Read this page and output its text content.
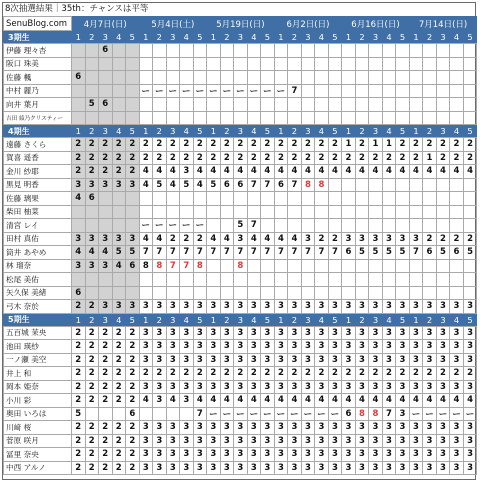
8次抽選結果｜35th：チャンスは平等
SenuBlog.com	4月7日(日)					5月4日(土)					5月19日(日)					6月2日(日)					6月16日(日)					7月14日(日)				
3期生	1	2	3	4	5	1	2	3	4	5	1	2	3	4	5	1	2	3	4	5	1	2	3	4	5	1	2	3	4	5
伊藤 理々杏			6																											
阪口 珠美																														
佐藤 楓	6																													
中村 麗乃						ー	ー	ー	ー	ー	ー	ー	ー	ー	ー	ー	7													
向井 葉月		5	6																											
吉田 綾乃クリスティー																														
4期生	1	2	3	4	5	1	2	3	4	5	1	2	3	4	5	1	2	3	4	5	1	2	3	4	5	1	2	3	4	5
遠藤 さくら	2	2	2	2	2	2	2	2	2	2	2	2	2	2	2	2	2	2	2	2	1	2	1	1	2	2	2	2	2	2
賀喜 遥香	2	2	2	2	2	2	2	2	2	2	2	2	2	2	2	2	2	2	2	2	2	2	2	2	2	2	1	2	2	2
金川 紗耶	2	2	2	2	2	4	4	4	3	4	4	4	4	4	4	4	4	4	4	4	4	4	4	4	4	4	4	4	4	4
黒見 明香	3	3	3	3	3	4	5	4	5	4	5	6	6	7	7	6	7	8	8											
佐藤 璃果	4	6																												
柴田 柚菜																														
清宮 レイ						ー	ー	ー	ー	ー			5	7																
田村 真佑	3	3	3	3	3	4	4	2	2	2	4	4	3	4	4	4	4	3	2	2	3	3	3	3	3	3	2	2	2	2
筒井 あやめ	4	4	4	5	5	7	7	7	7	7	7	7	7	7	7	7	7	7	7	7	6	5	5	5	5	7	6	5	6	5
林 瑠奈	3	3	3	4	6	8	8	7	7	8			8																	
松尾 美佑																														
矢久保 美緒	6																													
弓木 奈於	2	2	3	3	3	3	3	3	3	3	3	3	3	3	3	3	3	3	3	3	3	3	3	3	3	3	3	3	3	3
5期生	1	2	3	4	5	1	2	3	4	5	1	2	3	4	5	1	2	3	4	5	1	2	3	4	5	1	2	3	4	5
五百城 茉央	2	2	2	2	2	3	3	3	3	3	3	3	3	3	3	3	3	3	3	3	3	3	3	3	3	3	3	3	3	3
池田 瑛紗	2	2	2	2	2	3	3	3	3	3	3	3	3	3	3	3	3	3	3	3	3	3	3	3	3	3	3	3	3	3
一ノ瀬 美空	2	2	2	2	2	3	3	3	3	3	3	3	3	3	3	3	3	3	3	3	3	3	3	3	3	3	3	3	3	3
井上 和	2	2	2	2	2	2	2	2	2	2	2	2	2	2	2	2	2	2	2	2	2	2	2	2	2	2	2	2	2	2
岡本 姫奈	2	2	2	2	2	3	3	3	3	3	3	3	3	3	3	3	3	3	3	3	3	3	3	3	3	3	3	3	3	3
小川 彩	2	2	2	2	2	4	3	4	3	4	4	4	4	4	4	4	4	4	4	4	4	4	4	4	4	4	4	4	4	4
奥田 いろは	5				6					7	ー	ー	ー	ー	ー	ー	ー	ー	ー	ー	6	8	8	7	3	ー	ー	ー	ー	ー
川﨑 桜	2	2	2	2	2	3	3	3	3	3	3	3	3	3	3	3	3	3	3	3	3	3	3	3	3	3	3	3	3	3
菅原 咲月	2	2	2	2	2	3	3	3	3	3	3	3	3	3	3	3	3	3	3	3	3	3	3	3	3	3	3	3	3	3
冨里 奈央	2	2	2	2	2	3	3	3	3	3	3	3	3	3	3	3	3	3	3	3	3	3	3	3	3	3	3	3	3	3
中西 アルノ	2	2	2	2	2	3	3	3	3	3	3	3	3	3	3	3	3	3	3	3	3	3	3	3	3	3	3	3	3	3
